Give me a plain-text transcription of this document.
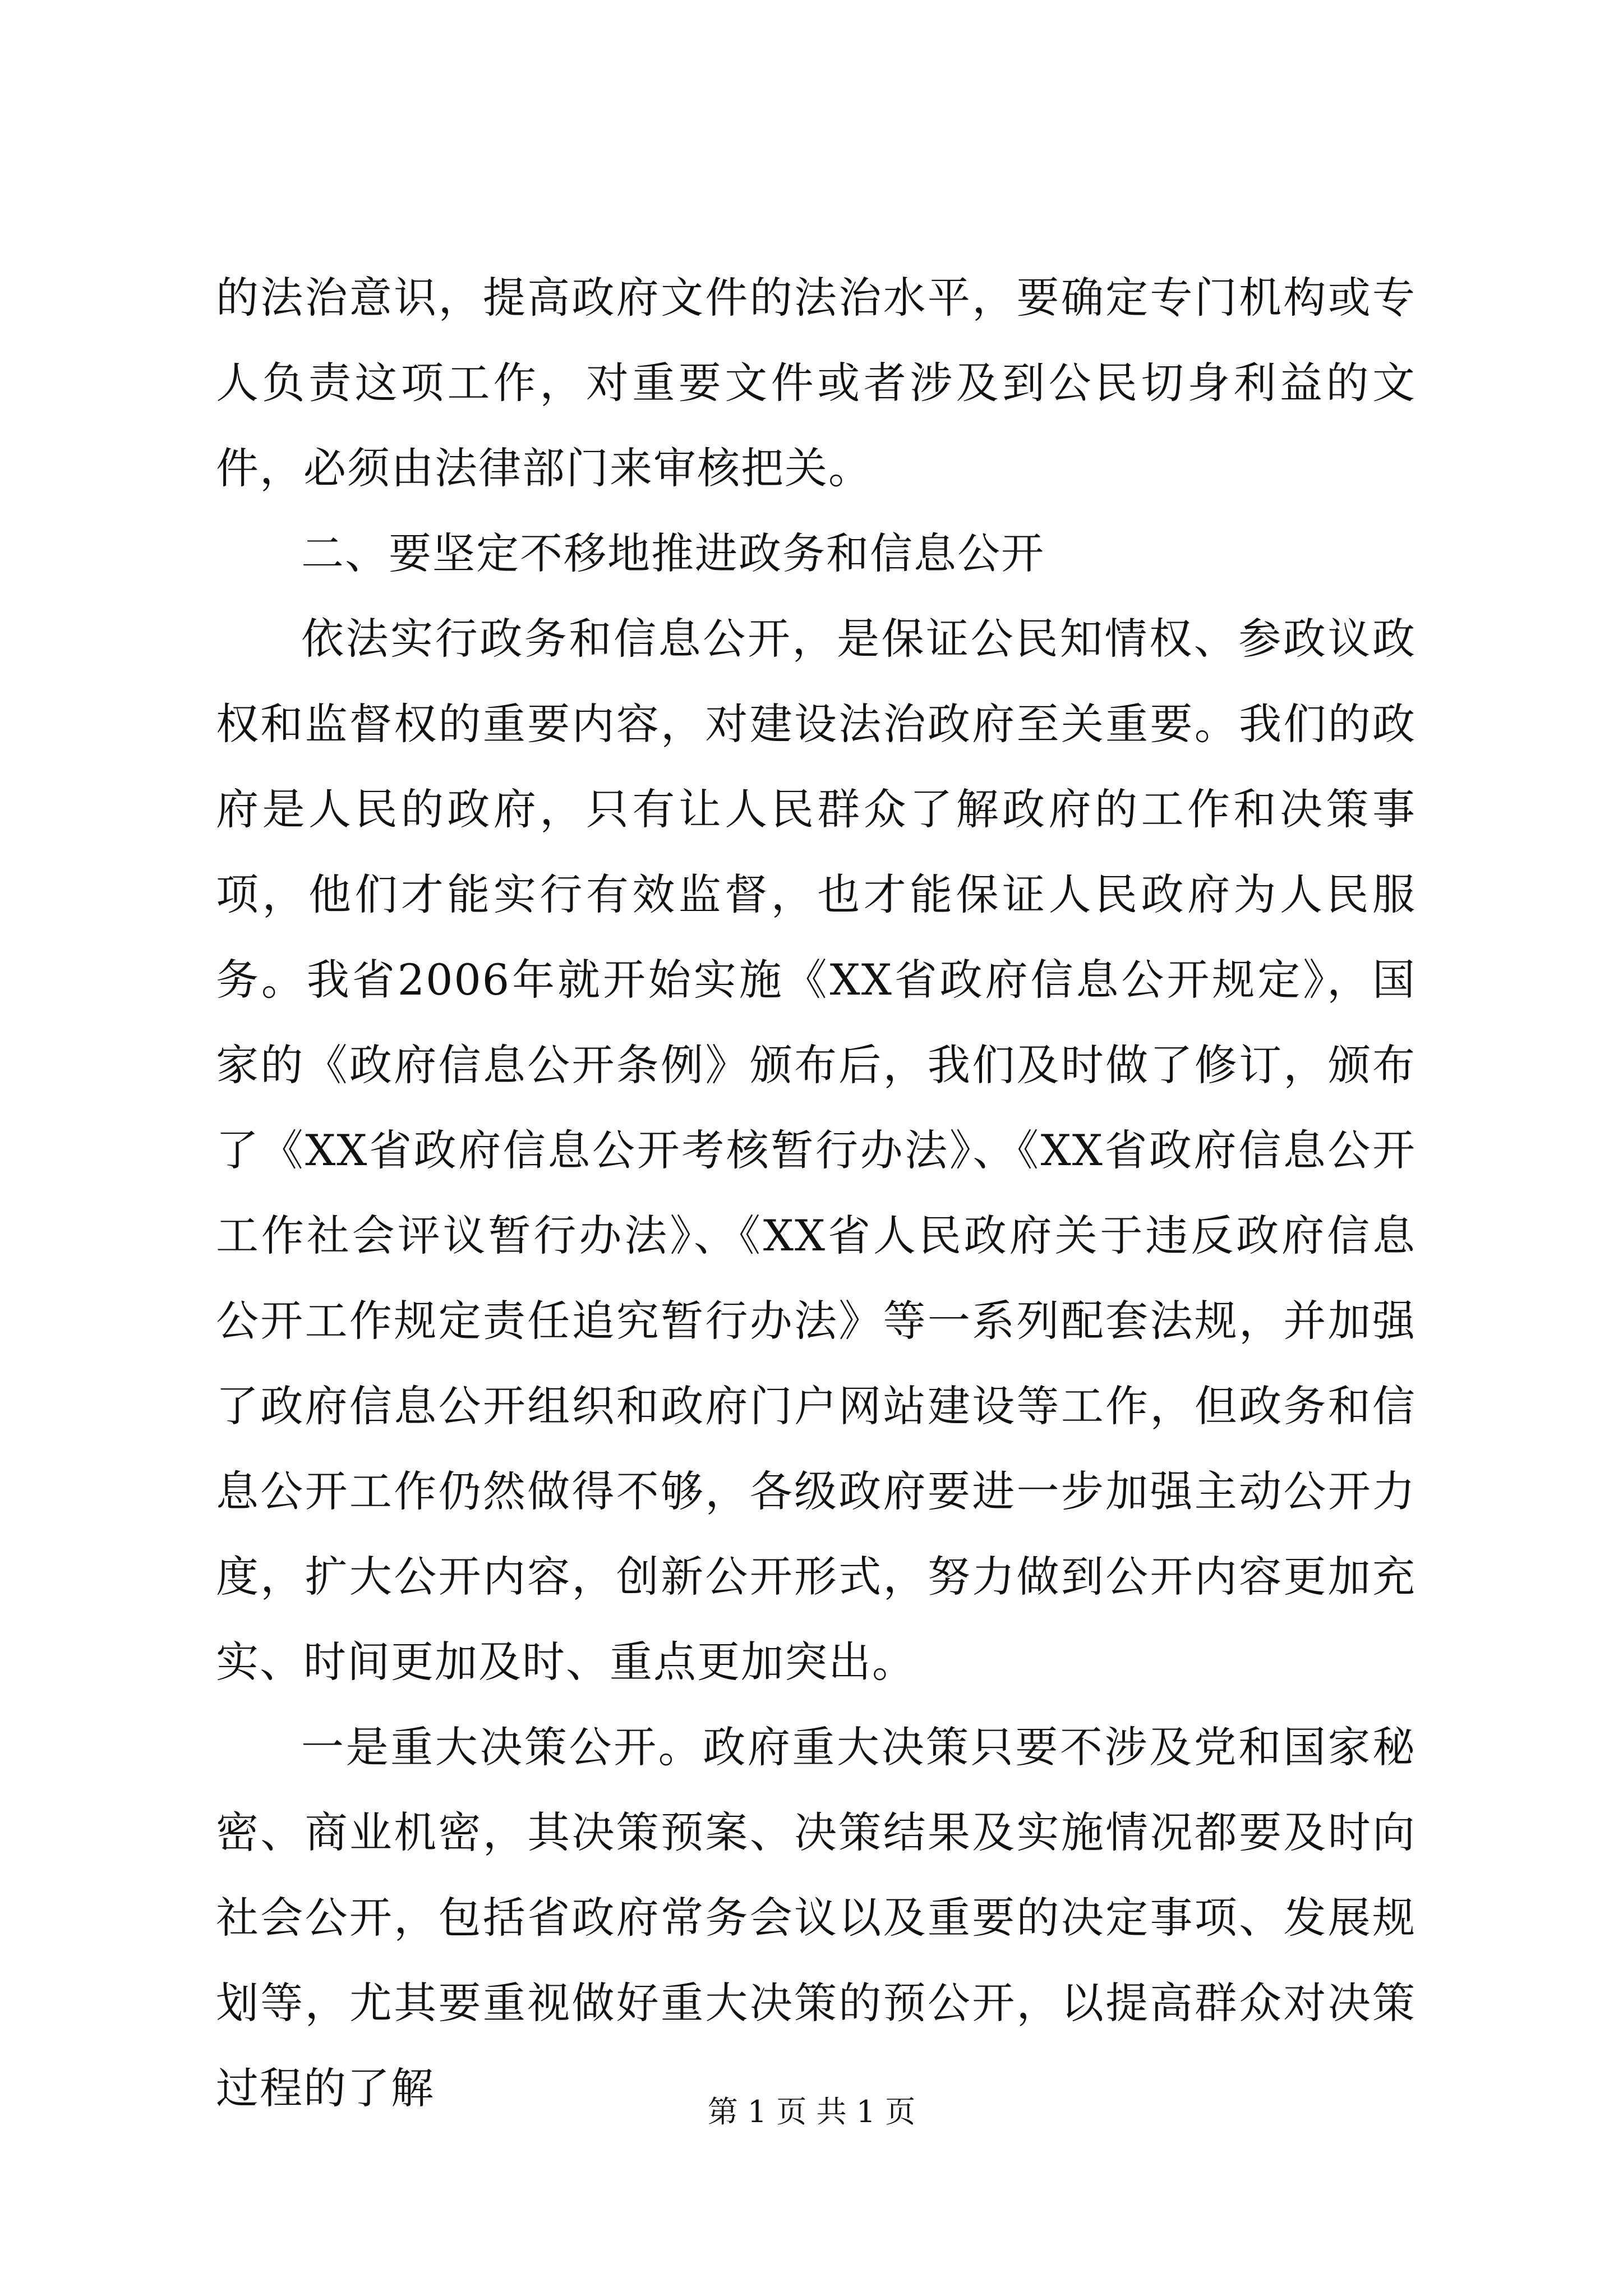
的法治意识，提高政府文件的法治水平，要确定专门机构或专人负责这项工作，对重要文件或者涉及到公民切身利益的文件，必须由法律部门来审核把关。

二、要坚定不移地推进政务和信息公开

依法实行政务和信息公开，是保证公民知情权、参政议政权和监督权的重要内容，对建设法治政府至关重要。我们的政府是人民的政府，只有让人民群众了解政府的工作和决策事项，他们才能实行有效监督，也才能保证人民政府为人民服务。我省2006年就开始实施《XX省政府信息公开规定》，国家的《政府信息公开条例》颁布后，我们及时做了修订，颁布了《XX省政府信息公开考核暂行办法》、《XX省政府信息公开工作社会评议暂行办法》、《XX省人民政府关于违反政府信息公开工作规定责任追究暂行办法》等一系列配套法规，并加强了政府信息公开组织和政府门户网站建设等工作，但政务和信息公开工作仍然做得不够，各级政府要进一步加强主动公开力度，扩大公开内容，创新公开形式，努力做到公开内容更加充实、时间更加及时、重点更加突出。

一是重大决策公开。政府重大决策只要不涉及党和国家秘密、商业机密，其决策预案、决策结果及实施情况都要及时向社会公开，包括省政府常务会议以及重要的决定事项、发展规划等，尤其要重视做好重大决策的预公开，以提高群众对决策过程的了解	第 1 页 共 1 页
